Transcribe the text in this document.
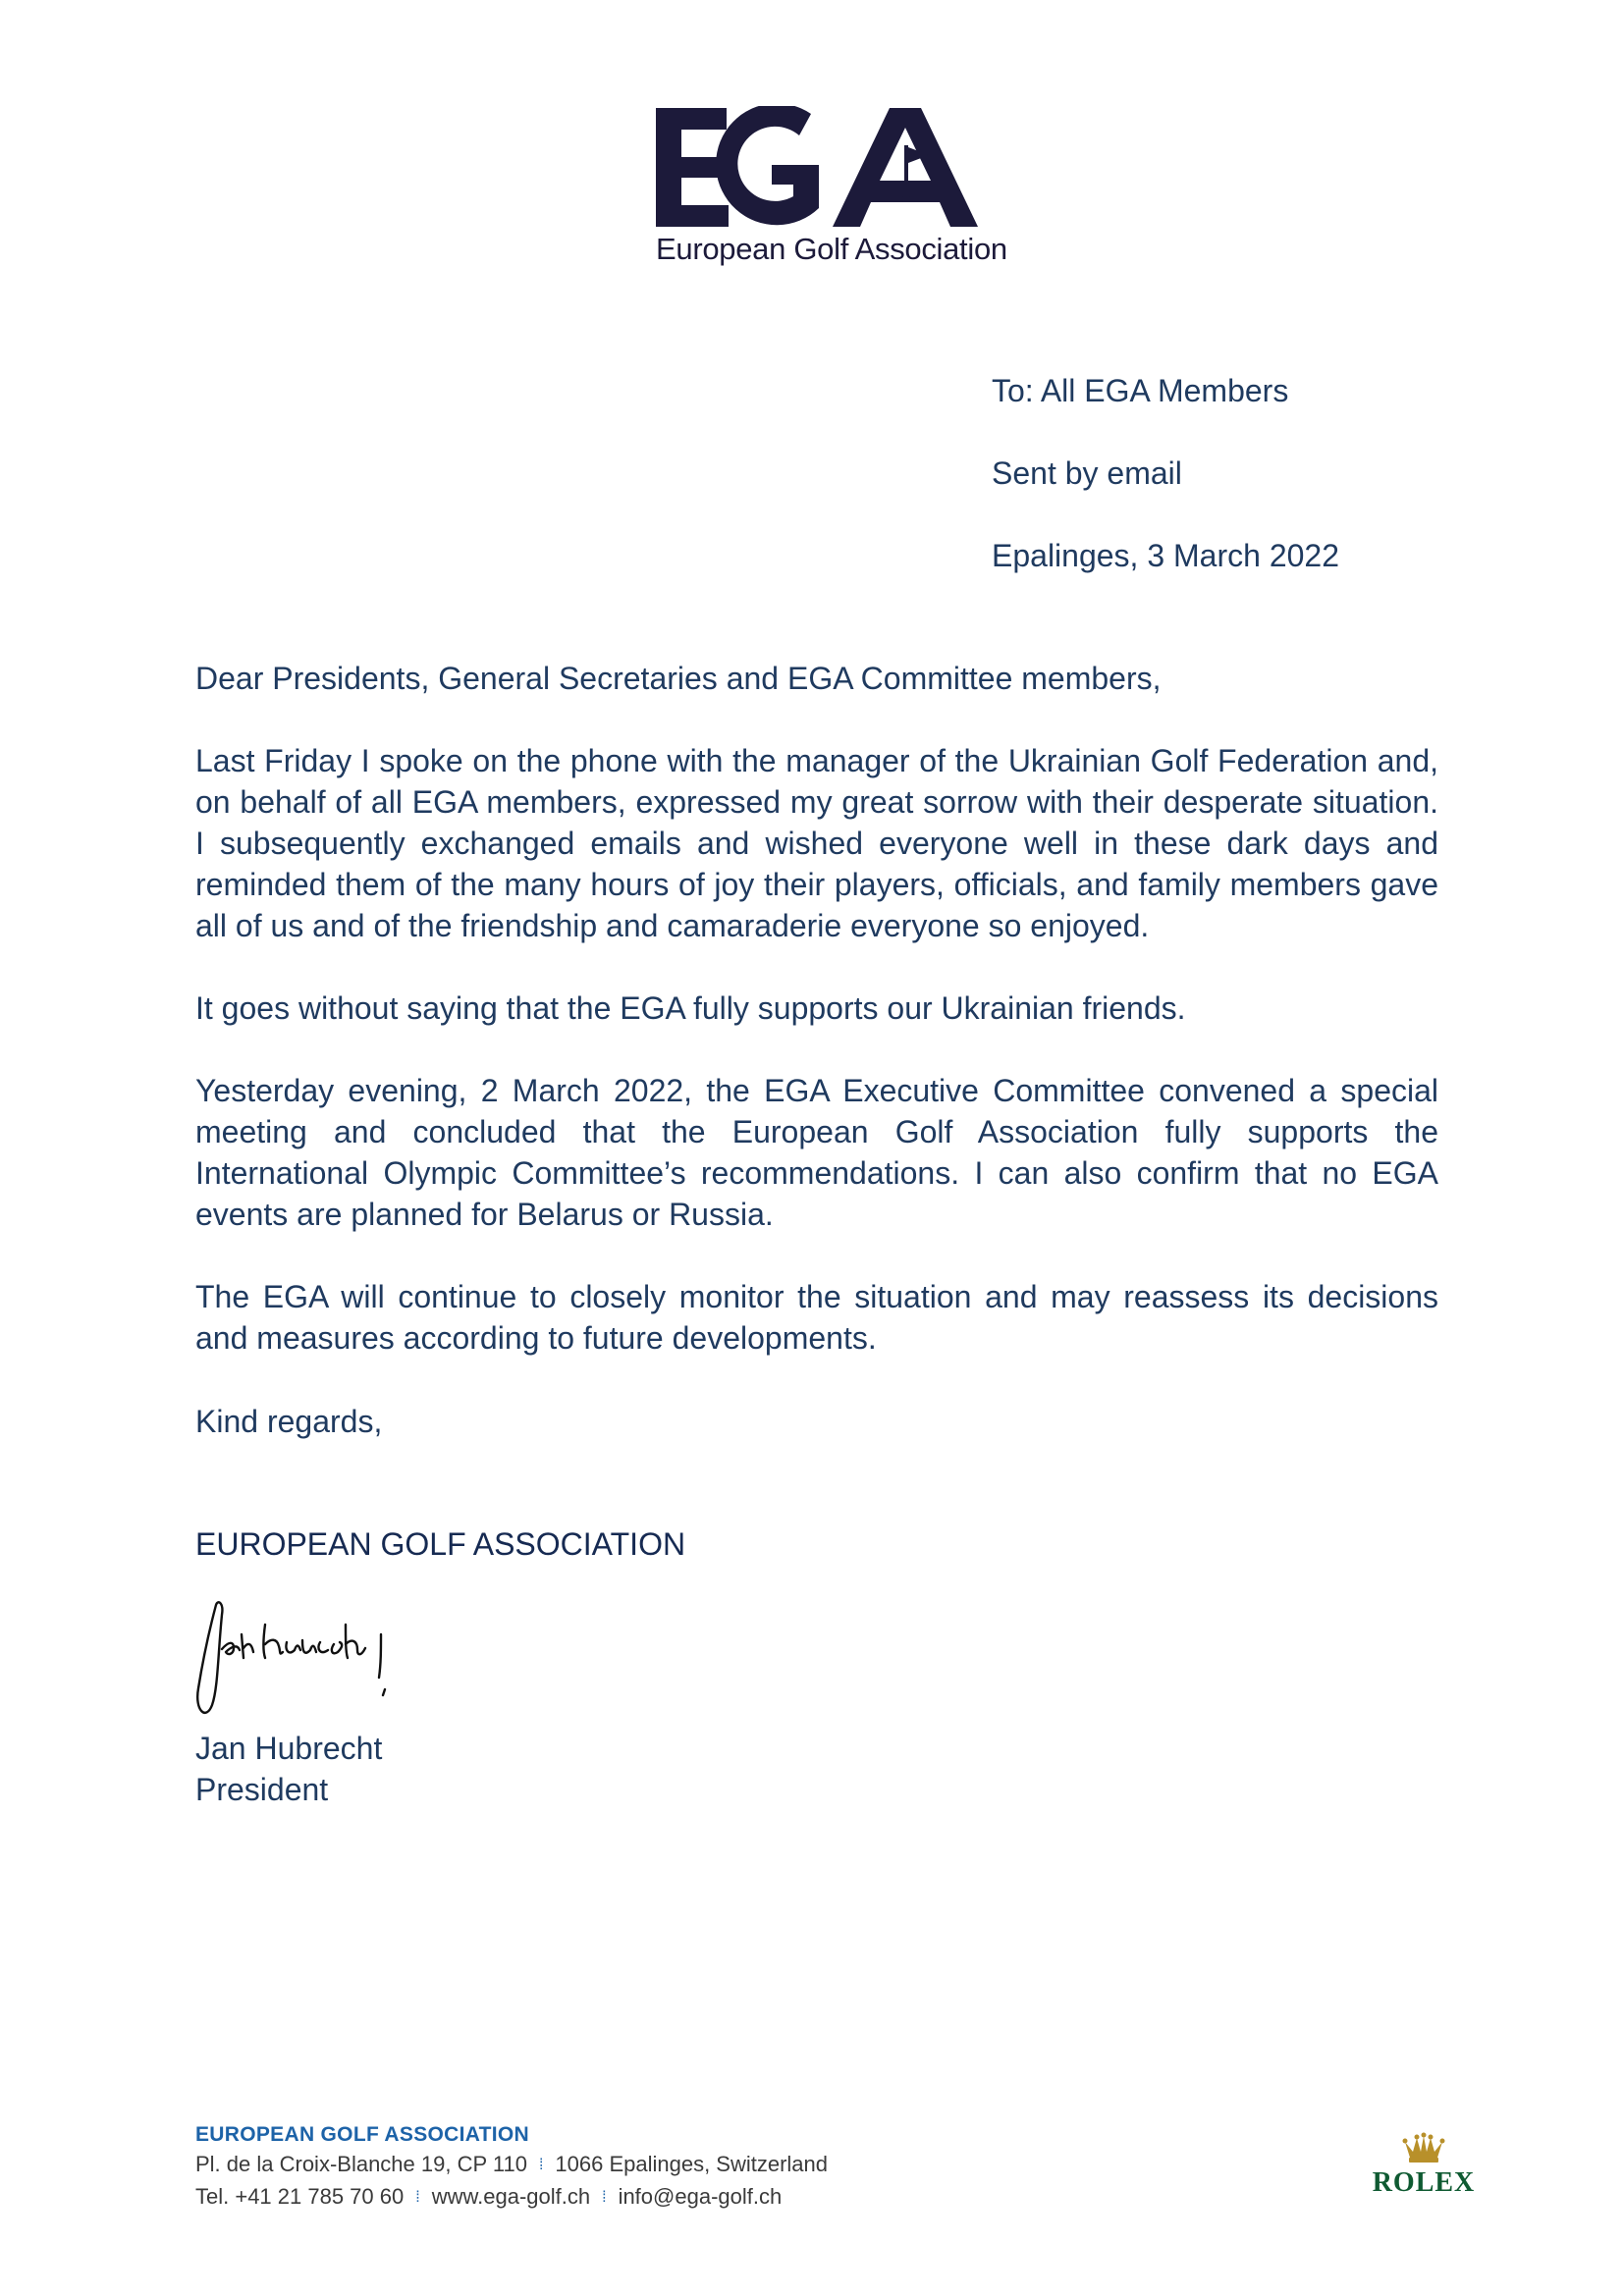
European Golf Association
To: All EGA Members
Sent by email
Epalinges, 3 March 2022

Dear Presidents, General Secretaries and EGA Committee members,

Last Friday I spoke on the phone with the manager of the Ukrainian Golf Federation and, on behalf of all EGA members, expressed my great sorrow with their desperate situation. I subsequently exchanged emails and wished everyone well in these dark days and reminded them of the many hours of joy their players, officials, and family members gave all of us and of the friendship and camaraderie everyone so enjoyed.

It goes without saying that the EGA fully supports our Ukrainian friends.

Yesterday evening, 2 March 2022, the EGA Executive Committee convened a special meeting and concluded that the European Golf Association fully supports the International Olympic Committee’s recommendations. I can also confirm that no EGA events are planned for Belarus or Russia.

The EGA will continue to closely monitor the situation and may reassess its decisions and measures according to future developments.

Kind regards,
EUROPEAN GOLF ASSOCIATION
Jan Hubrecht
President
EUROPEAN GOLF ASSOCIATION
Pl. de la Croix-Blanche 19, CP 110 ⁞ 1066 Epalinges, Switzerland
Tel. +41 21 785 70 60 ⁞ www.ega-golf.ch ⁞ info@ega-golf.ch	ROLEX
